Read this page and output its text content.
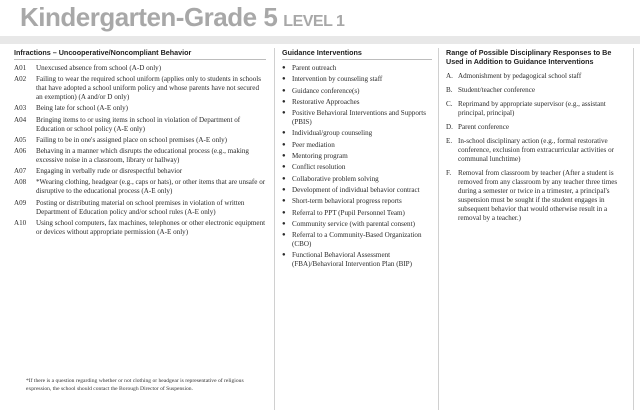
Kindergarten-Grade 5 LEVEL 1
Infractions – Uncooperative/Noncompliant Behavior
A01	Unexcused absence from school (A-D only)
A02	Failing to wear the required school uniform (applies only to students in schools that have adopted a school uniform policy and whose parents have not secured an exemption) (A and/or D only)
A03	Being late for school (A-E only)
A04	Bringing items to or using items in school in violation of Department of Education or school policy (A-E only)
A05	Failing to be in one's assigned place on school premises (A-E only)
A06	Behaving in a manner which disrupts the educational process (e.g., making excessive noise in a classroom, library or hallway)
A07	Engaging in verbally rude or disrespectful behavior
A08	*Wearing clothing, headgear (e.g., caps or hats), or other items that are unsafe or disruptive to the educational process (A-E only)
A09	Posting or distributing material on school premises in violation of written Department of Education policy and/or school rules (A-E only)
A10	Using school computers, fax machines, telephones or other electronic equipment or devices without appropriate permission (A-E only)
Guidance Interventions
● Parent outreach
● Intervention by counseling staff
● Guidance conference(s)
● Restorative Approaches
● Positive Behavioral Interventions and Supports (PBIS)
● Individual/group counseling
● Peer mediation
● Mentoring program
● Conflict resolution
● Collaborative problem solving
● Development of individual behavior contract
● Short-term behavioral progress reports
● Referral to PPT (Pupil Personnel Team)
● Community service (with parental consent)
● Referral to a Community-Based Organization (CBO)
● Functional Behavioral Assessment (FBA)/Behavioral Intervention Plan (BIP)
Range of Possible Disciplinary Responses to Be Used in Addition to Guidance Interventions
A. Admonishment by pedagogical school staff
B. Student/teacher conference
C. Reprimand by appropriate supervisor (e.g., assistant principal, principal)
D. Parent conference
E. In-school disciplinary action (e.g., formal restorative conference, exclusion from extracurricular activities or communal lunchtime)
F. Removal from classroom by teacher (After a student is removed from any classroom by any teacher three times during a semester or twice in a trimester, a principal's suspension must be sought if the student engages in subsequent behavior that would otherwise result in a removal by a teacher.)
*If there is a question regarding whether or not clothing or headgear is representative of religious expression, the school should contact the Borough Director of Suspension.
